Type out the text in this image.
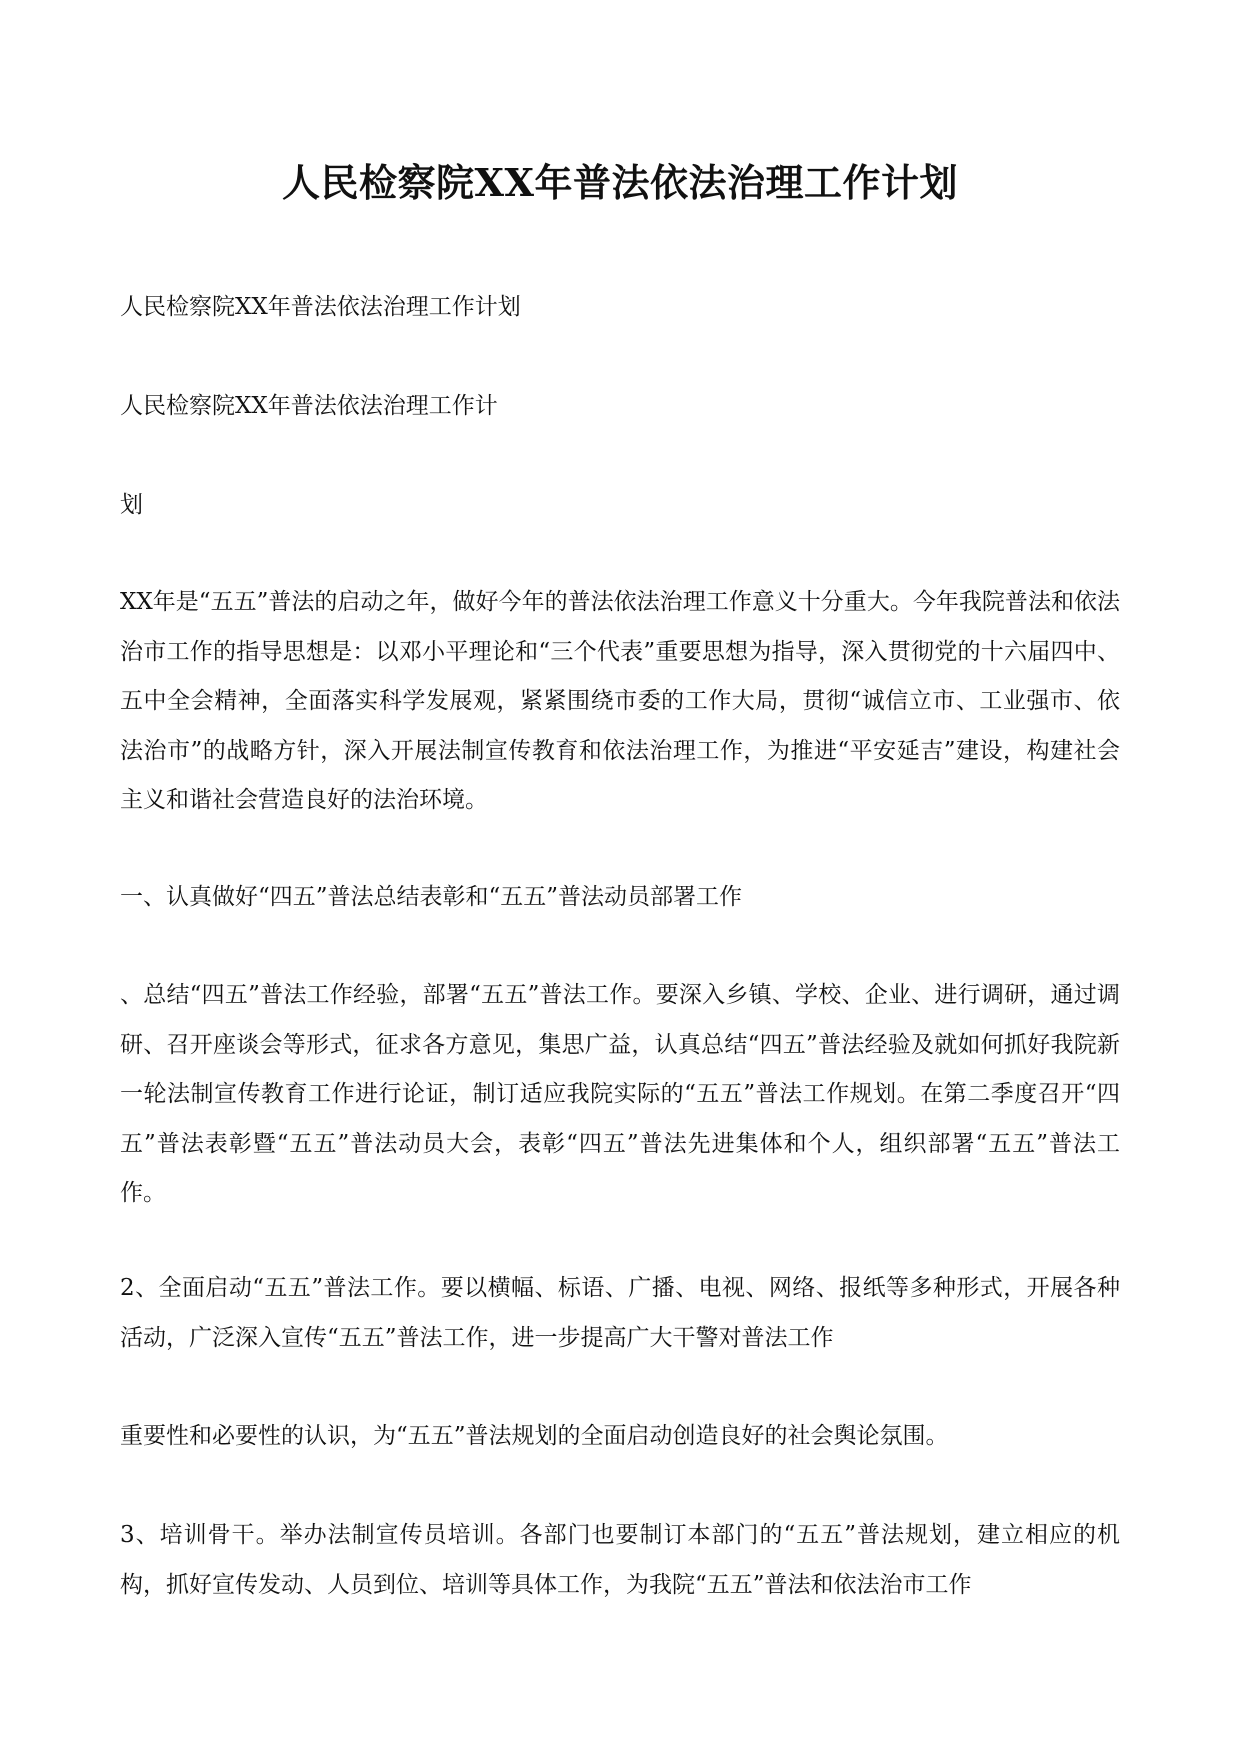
人民检察院XX年普法依法治理工作计划

人民检察院XX年普法依法治理工作计划

人民检察院XX年普法依法治理工作计

划

XX年是“五五”普法的启动之年，做好今年的普法依法治理工作意义十分重大。今年我院普法和依法治市工作的指导思想是：以邓小平理论和“三个代表”重要思想为指导，深入贯彻党的十六届四中、五中全会精神，全面落实科学发展观，紧紧围绕市委的工作大局，贯彻“诚信立市、工业强市、依法治市”的战略方针，深入开展法制宣传教育和依法治理工作，为推进“平安延吉”建设，构建社会主义和谐社会营造良好的法治环境。

一、认真做好“四五”普法总结表彰和“五五”普法动员部署工作

、总结“四五”普法工作经验，部署“五五”普法工作。要深入乡镇、学校、企业、进行调研，通过调研、召开座谈会等形式，征求各方意见，集思广益，认真总结“四五”普法经验及就如何抓好我院新一轮法制宣传教育工作进行论证，制订适应我院实际的“五五”普法工作规划。在第二季度召开“四五”普法表彰暨“五五”普法动员大会，表彰“四五”普法先进集体和个人，组织部署“五五”普法工作。

2、全面启动“五五”普法工作。要以横幅、标语、广播、电视、网络、报纸等多种形式，开展各种活动，广泛深入宣传“五五”普法工作，进一步提高广大干警对普法工作

重要性和必要性的认识，为“五五”普法规划的全面启动创造良好的社会舆论氛围。

3、培训骨干。举办法制宣传员培训。各部门也要制订本部门的“五五”普法规划，建立相应的机构，抓好宣传发动、人员到位、培训等具体工作，为我院“五五”普法和依法治市工作
